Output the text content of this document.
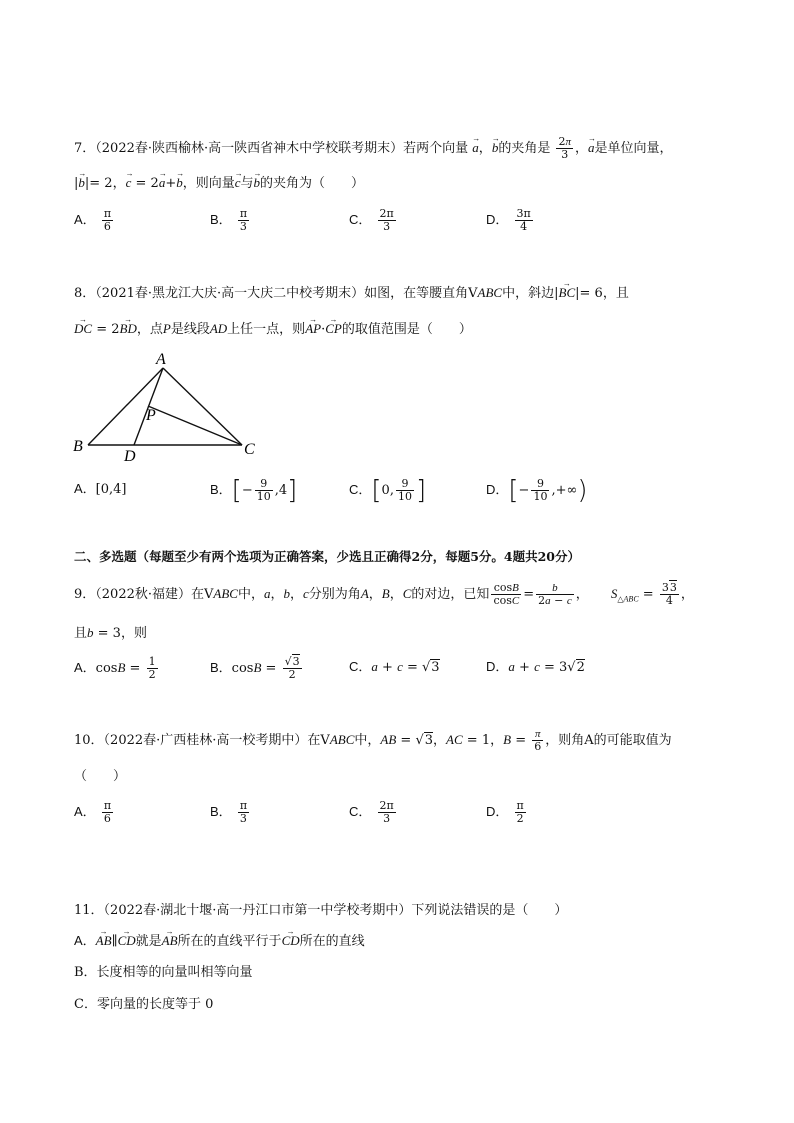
7．（2022春·陕西榆林·高一陕西省神木中学校联考期末）若两个向量 → a，→ b的夹角是 $\frac{2\pi}{3}$ ，→ a是单位向量，
|→ b|= 2，→ c = 2→ a+→ b，则向量→ c与→ b的夹角为（　　）
A． $\frac{\pi}{6}$	B． $\frac{\pi}{3}$	C． $\frac{2\pi}{3}$	D． $\frac{3\pi}{4}$
8．（2021春·黑龙江大庆·高一大庆二中校考期末）如图，在等腰直角VABC中，斜边|→ BC|= 6，且
→ DC = 2→ BD，点P是线段AD上任一点，则→ AP·→ CP的取值范围是（　　）
A
B	C
D
P
A．[0,4]	B．[− $\frac{9}{10} ,4$]	C．[0, $\frac{9}{10}$ ]	D．[− $\frac{9}{10}$ ,+∞)
二、多选题（每题至少有两个选项为正确答案，少选且正确得2分，每题5分。4题共20分）
9．（2022秋·福建）在VABC中，a，b，c分别为角A，B，C的对边，已知 $\frac{\cos B}{\cos C} = \frac{b}{2a - c}$ ， $S_{\triangle ABC} = \frac{33}{4}$ ，
且b = 3，则
A．$\cos B = \frac{1}{2}$	B．$\cos B = \frac{√3}{2}$	C．a + c = √3	D．a + c = 3√2
10．（2022春·广西桂林·高一校考期中）在VABC中，AB = √3，AC = 1，$B = \frac{\pi}{6}$ ，则角A的可能取值为
（　　）
A． $\frac{\pi}{6}$	B． $\frac{\pi}{3}$	C． $\frac{2\pi}{3}$	D． $\frac{\pi}{2}$
11．（2022春·湖北十堰·高一丹江口市第一中学校考期中）下列说法错误的是（　　）
A．→ AB∥→ CD就是→ AB所在的直线平行于→ CD所在的直线
B．长度相等的向量叫相等向量
C．零向量的长度等于 0
